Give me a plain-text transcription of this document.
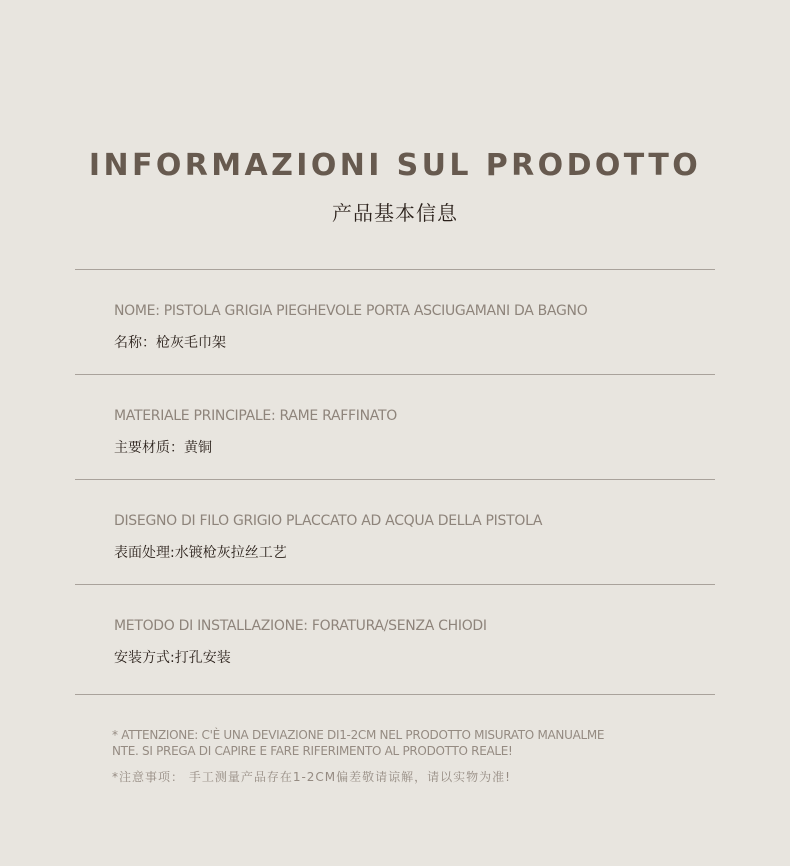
INFORMAZIONI SUL PRODOTTO
产品基本信息
NOME: PISTOLA GRIGIA PIEGHEVOLE PORTA ASCIUGAMANI DA BAGNO
名称：枪灰毛巾架
MATERIALE PRINCIPALE: RAME RAFFINATO
主要材质：黄铜
DISEGNO DI FILO GRIGIO PLACCATO AD ACQUA DELLA PISTOLA
表面处理:水镀枪灰拉丝工艺
METODO DI INSTALLAZIONE: FORATURA/SENZA CHIODI
安装方式:打孔安装
* ATTENZIONE: C'È UNA DEVIAZIONE DI1-2CM NEL PRODOTTO MISURATO MANUALME
NTE. SI PREGA DI CAPIRE E FARE RIFERIMENTO AL PRODOTTO REALE!
*注意事项： 手工测量产品存在1-2CM偏差敬请谅解，请以实物为准!
